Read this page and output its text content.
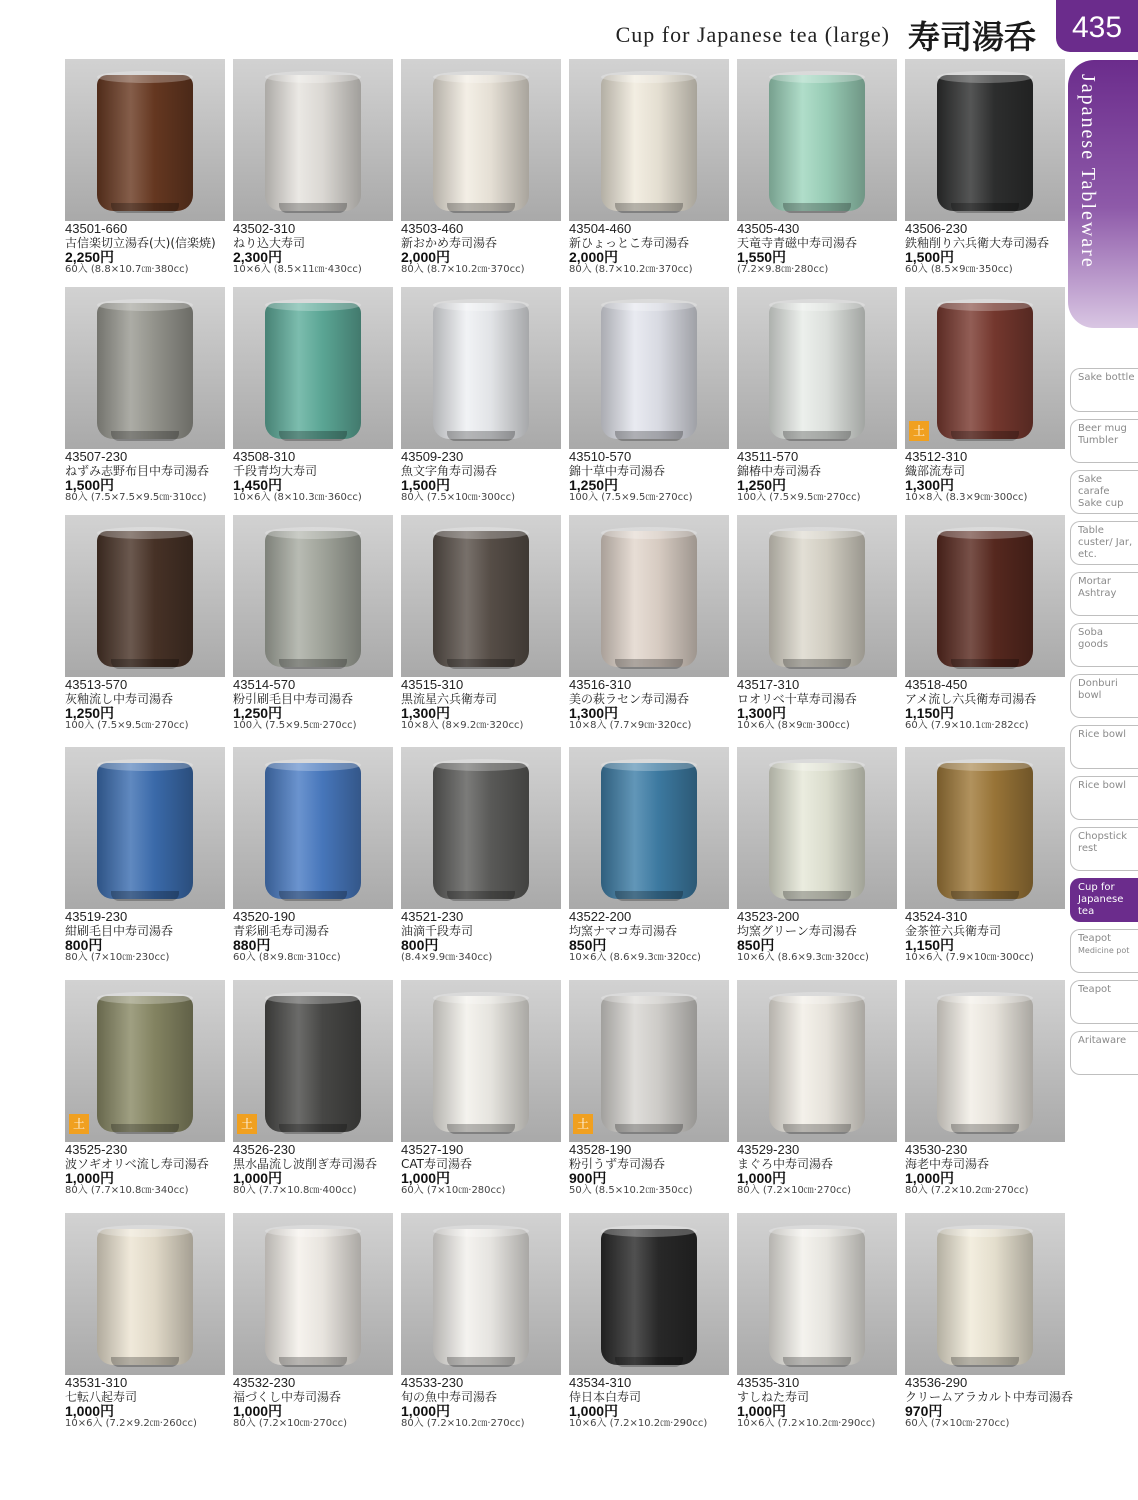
Cup for Japanese tea (large) 寿司湯呑	435
Japanese Tableware
Sake bottle
Beer mug Tumbler
Sake carafe Sake cup
Table custer/ Jar, etc.
Mortar Ashtray
Soba goods
Donburi bowl
Rice bowl
Rice bowl
Chopstick rest
Cup for Japanese tea
Teapot
Medicine pot
Teapot
Aritaware
43501-660
古信楽切立湯呑(大)(信楽焼)
2,250円
60入 (8.8×10.7㎝·380cc)
43502-310
ねり込大寿司
2,300円
10×6入 (8.5×11㎝·430cc)
43503-460
新おかめ寿司湯呑
2,000円
80入 (8.7×10.2㎝·370cc)
43504-460
新ひょっとこ寿司湯呑
2,000円
80入 (8.7×10.2㎝·370cc)
43505-430
天竜寺青磁中寿司湯呑
1,550円
(7.2×9.8㎝·280cc)
43506-230
鉄釉削り六兵衛大寿司湯呑
1,500円
60入 (8.5×9㎝·350cc)
43507-230
ねずみ志野布目中寿司湯呑
1,500円
80入 (7.5×7.5×9.5㎝·310cc)
43508-310
千段青均大寿司
1,450円
10×6入 (8×10.3㎝·360cc)
43509-230
魚文字角寿司湯呑
1,500円
80入 (7.5×10㎝·300cc)
43510-570
錦十草中寿司湯呑
1,250円
100入 (7.5×9.5㎝·270cc)
43511-570
錦椿中寿司湯呑
1,250円
100入 (7.5×9.5㎝·270cc)
土
43512-310
織部流寿司
1,300円
10×8入 (8.3×9㎝·300cc)
43513-570
灰釉流し中寿司湯呑
1,250円
100入 (7.5×9.5㎝·270cc)
43514-570
粉引刷毛目中寿司湯呑
1,250円
100入 (7.5×9.5㎝·270cc)
43515-310
黒流星六兵衛寿司
1,300円
10×8入 (8×9.2㎝·320cc)
43516-310
美の萩ラセン寿司湯呑
1,300円
10×8入 (7.7×9㎝·320cc)
43517-310
ロオリベ十草寿司湯呑
1,300円
10×6入 (8×9㎝·300cc)
43518-450
アメ流し六兵衛寿司湯呑
1,150円
60入 (7.9×10.1㎝·282cc)
43519-230
紺刷毛目中寿司湯呑
800円
80入 (7×10㎝·230cc)
43520-190
青彩刷毛寿司湯呑
880円
60入 (8×9.8㎝·310cc)
43521-230
油滴千段寿司
800円
(8.4×9.9㎝·340cc)
43522-200
均窯ナマコ寿司湯呑
850円
10×6入 (8.6×9.3㎝·320cc)
43523-200
均窯グリーン寿司湯呑
850円
10×6入 (8.6×9.3㎝·320cc)
43524-310
金茶笹六兵衛寿司
1,150円
10×6入 (7.9×10㎝·300cc)
土
43525-230
波ソギオリベ流し寿司湯呑
1,000円
80入 (7.7×10.8㎝·340cc)
土
43526-230
黒水晶流し波削ぎ寿司湯呑
1,000円
80入 (7.7×10.8㎝·400cc)
43527-190
CAT寿司湯呑
1,000円
60入 (7×10㎝·280cc)
土
43528-190
粉引うず寿司湯呑
900円
50入 (8.5×10.2㎝·350cc)
43529-230
まぐろ中寿司湯呑
1,000円
80入 (7.2×10㎝·270cc)
43530-230
海老中寿司湯呑
1,000円
80入 (7.2×10.2㎝·270cc)
43531-310
七転八起寿司
1,000円
10×6入 (7.2×9.2㎝·260cc)
43532-230
福づくし中寿司湯呑
1,000円
80入 (7.2×10㎝·270cc)
43533-230
旬の魚中寿司湯呑
1,000円
80入 (7.2×10.2㎝·270cc)
43534-310
侍日本白寿司
1,000円
10×6入 (7.2×10.2㎝·290cc)
43535-310
すしねた寿司
1,000円
10×6入 (7.2×10.2㎝·290cc)
43536-290
クリームアラカルト中寿司湯呑
970円
60入 (7×10㎝·270cc)
